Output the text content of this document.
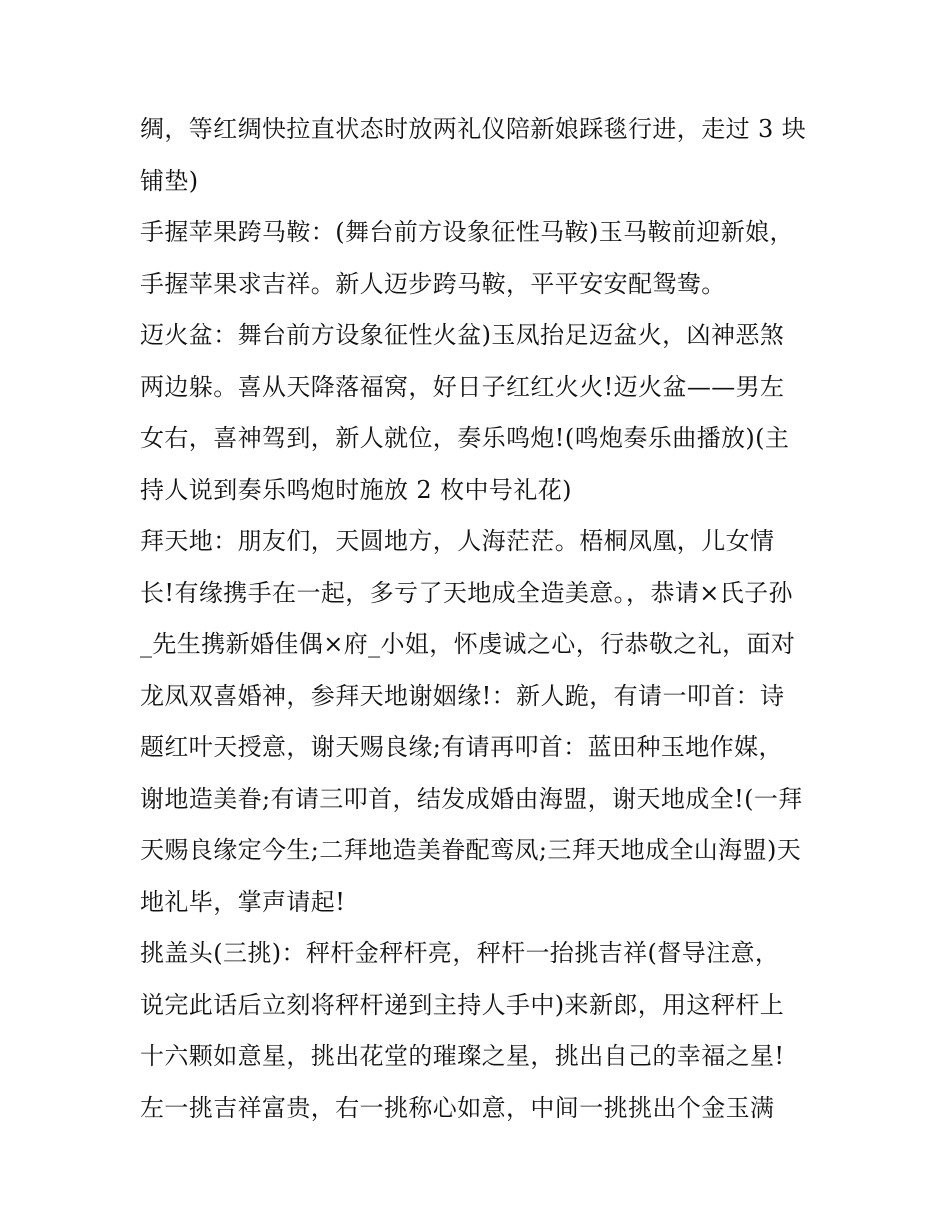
绸，等红绸快拉直状态时放两礼仪陪新娘踩毯行进，走过 3 块
铺垫)
手握苹果跨马鞍：(舞台前方设象征性马鞍)玉马鞍前迎新娘，
手握苹果求吉祥。新人迈步跨马鞍，平平安安配鸳鸯。
迈火盆：舞台前方设象征性火盆)玉凤抬足迈盆火，凶神恶煞
两边躲。喜从天降落福窝，好日子红红火火!迈火盆——男左
女右，喜神驾到，新人就位，奏乐鸣炮!(鸣炮奏乐曲播放)(主
持人说到奏乐鸣炮时施放 2 枚中号礼花)
拜天地：朋友们，天圆地方，人海茫茫。梧桐凤凰，儿女情
长!有缘携手在一起，多亏了天地成全造美意。，恭请×氏子孙
_先生携新婚佳偶×府_小姐，怀虔诚之心，行恭敬之礼，面对
龙凤双喜婚神，参拜天地谢姻缘!：新人跪，有请一叩首：诗
题红叶天授意，谢天赐良缘;有请再叩首：蓝田种玉地作媒，
谢地造美眷;有请三叩首，结发成婚由海盟，谢天地成全!(一拜
天赐良缘定今生;二拜地造美眷配鸾凤;三拜天地成全山海盟)天
地礼毕，掌声请起!
挑盖头(三挑)：秤杆金秤杆亮，秤杆一抬挑吉祥(督导注意，
说完此话后立刻将秤杆递到主持人手中)来新郎，用这秤杆上
十六颗如意星，挑出花堂的璀璨之星，挑出自己的幸福之星!
左一挑吉祥富贵，右一挑称心如意，中间一挑挑出个金玉满
